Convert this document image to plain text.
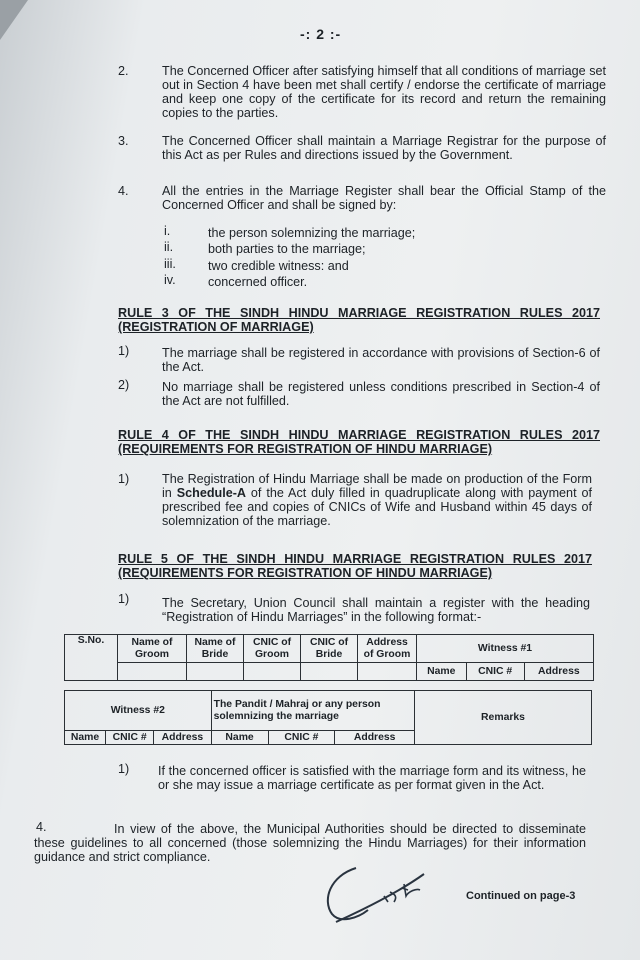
-: 2 :-
2.	The Concerned Officer after satisfying himself that all conditions of marriage set out in Section 4 have been met shall certify / endorse the certificate of marriage and keep one copy of the certificate for its record and return the remaining copies to the parties.
3.	The Concerned Officer shall maintain a Marriage Registrar for the purpose of this Act as per Rules and directions issued by the Government.
4.	All the entries in the Marriage Register shall bear the Official Stamp of the Concerned Officer and shall be signed by:
i.	the person solemnizing the marriage;
ii.	both parties to the marriage;
iii.	two credible witness: and
iv.	concerned officer.
RULE 3 OF THE SINDH HINDU MARRIAGE REGISTRATION RULES 2017 (REGISTRATION OF MARRIAGE)
1)	The marriage shall be registered in accordance with provisions of Section-6 of the Act.
2)	No marriage shall be registered unless conditions prescribed in Section-4 of the Act are not fulfilled.
RULE 4 OF THE SINDH HINDU MARRIAGE REGISTRATION RULES 2017 (REQUIREMENTS FOR REGISTRATION OF HINDU MARRIAGE)
1)	The Registration of Hindu Marriage shall be made on production of the Form in Schedule-A of the Act duly filled in quadruplicate along with payment of prescribed fee and copies of CNICs of Wife and Husband within 45 days of solemnization of the marriage.
RULE 5 OF THE SINDH HINDU MARRIAGE REGISTRATION RULES 2017 (REQUIREMENTS FOR REGISTRATION OF HINDU MARRIAGE)
1)	The Secretary, Union Council shall maintain a register with the heading “Registration of Hindu Marriages” in the following format:-
S.No.	Name of Groom	Name of Bride	CNIC of Groom	CNIC of Bride	Address of Groom	Witness #1		
						Name	CNIC #	Address
Witness #2			The Pandit / Mahraj or any person solemnizing the marriage			Remarks
Name	CNIC #	Address	Name	CNIC #	Address	
1) If the concerned officer is satisfied with the marriage form and its witness, he or she may issue a marriage certificate as per format given in the Act.
4.	In view of the above, the Municipal Authorities should be directed to disseminate these guidelines to all concerned (those solemnizing the Hindu Marriages) for their information guidance and strict compliance.
Continued on page-3
